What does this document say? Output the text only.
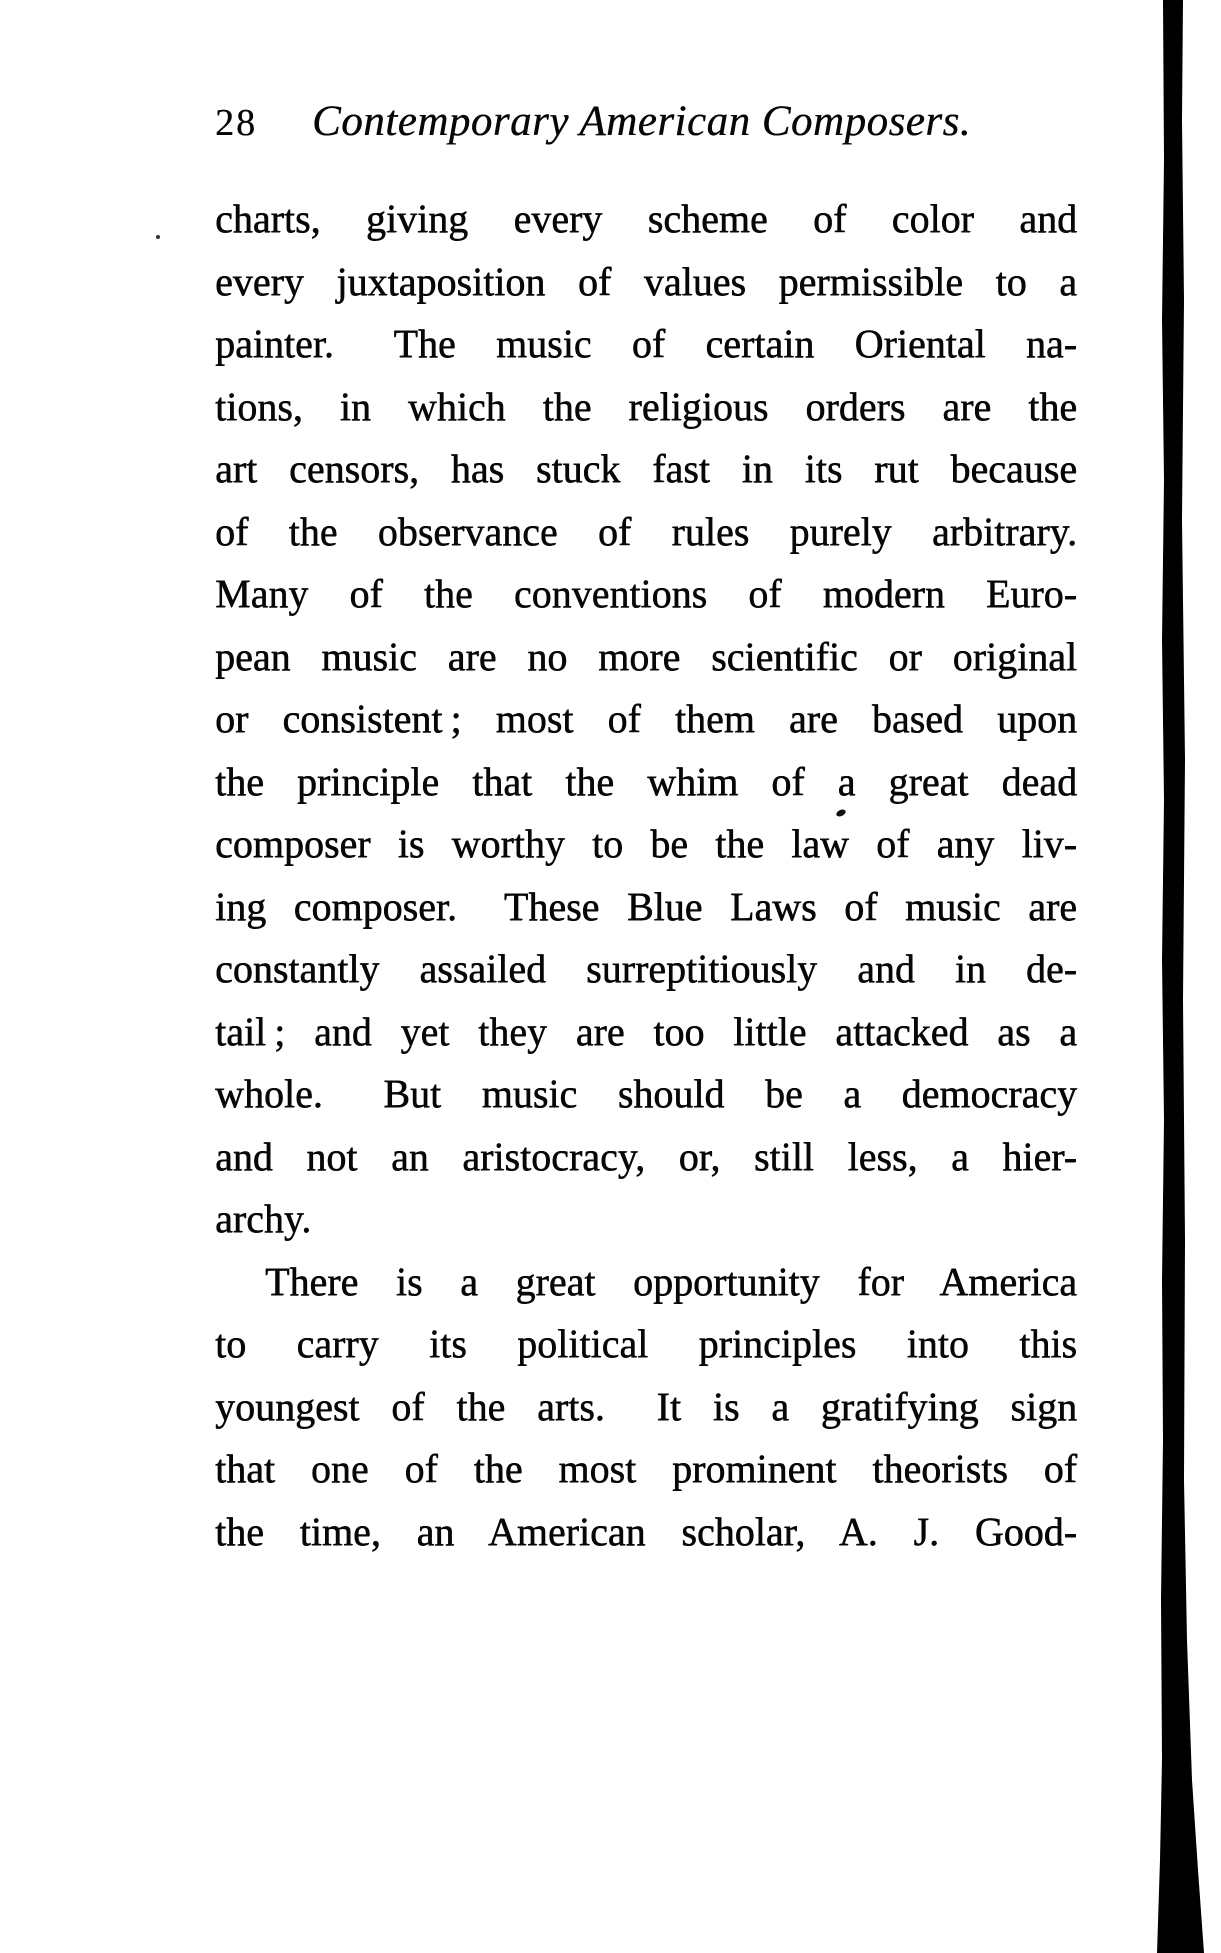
28 Contemporary American Composers.
charts, giving every scheme of color and
every juxtaposition of values permissible to a
painter.  The music of certain Oriental na-
tions, in which the religious orders are the
art censors, has stuck fast in its rut because
of the observance of rules purely arbitrary.
Many of the conventions of modern Euro-
pean music are no more scientific or original
or consistent ; most of them are based upon
the principle that the whim of a great dead
composer is worthy to be the law of any liv-
ing composer.  These Blue Laws of music are
constantly assailed surreptitiously and in de-
tail ; and yet they are too little attacked as a
whole.  But music should be a democracy
and not an aristocracy, or, still less, a hier-
archy.
There is a great opportunity for America
to carry its political principles into this
youngest of the arts.  It is a gratifying sign
that one of the most prominent theorists of
the time, an American scholar, A. J. Good-
